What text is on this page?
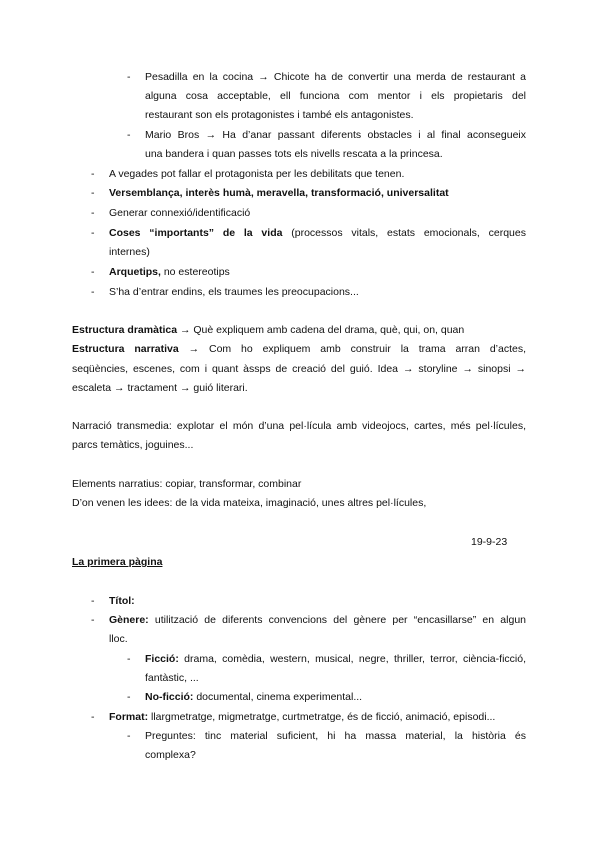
- Pesadilla en la cocina → Chicote ha de convertir una merda de restaurant a
alguna cosa acceptable, ell funciona com mentor i els propietaris del
restaurant son els protagonistes i també els antagonistes.
- Mario Bros → Ha d’anar passant diferents obstacles i al final aconsegueix
una bandera i quan passes tots els nivells rescata a la princesa.
- A vegades pot fallar el protagonista per les debilitats que tenen.
- Versemblança, interès humà, meravella, transformació, universalitat
- Generar connexió/identificació
- Coses “importants” de la vida (processos vitals, estats emocionals, cerques
internes)
- Arquetips, no estereotips
- S’ha d’entrar endins, els traumes les preocupacions...
Estructura dramàtica → Què expliquem amb cadena del drama, què, qui, on, quan
Estructura narrativa → Com ho expliquem amb construir la trama arran d’actes,
seqüències, escenes, com i quant àssps de creació del guió. Idea → storyline → sinopsi →
escaleta → tractament → guió literari.
Narració transmedia: explotar el món d’una pel·lícula amb videojocs, cartes, més pel·lícules,
parcs temàtics, joguines...
Elements narratius: copiar, transformar, combinar
D’on venen les idees: de la vida mateixa, imaginació, unes altres pel·lícules,
19-9-23
La primera pàgina
- Títol:
- Gènere: utilització de diferents convencions del gènere per “encasillarse” en algun
lloc.
- Ficció: drama, comèdia, western, musical, negre, thriller, terror, ciència-ficció,
fantàstic, ...
- No-ficció: documental, cinema experimental...
- Format: llargmetratge, migmetratge, curtmetratge, és de ficció, animació, episodi...
- Preguntes: tinc material suficient, hi ha massa material, la història és
complexa?
